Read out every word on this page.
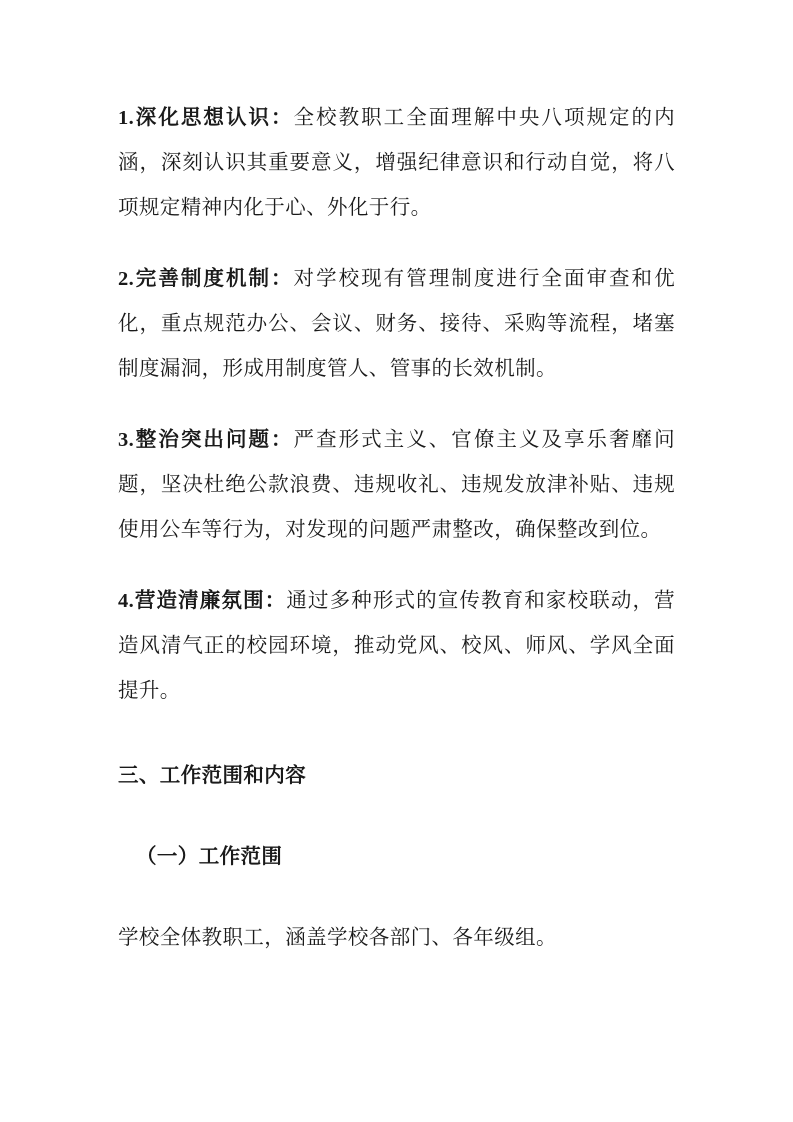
1.深化思想认识：全校教职工全面理解中央八项规定的内涵，深刻认识其重要意义，增强纪律意识和行动自觉，将八项规定精神内化于心、外化于行。

2.完善制度机制：对学校现有管理制度进行全面审查和优化，重点规范办公、会议、财务、接待、采购等流程，堵塞制度漏洞，形成用制度管人、管事的长效机制。

3.整治突出问题：严查形式主义、官僚主义及享乐奢靡问题，坚决杜绝公款浪费、违规收礼、违规发放津补贴、违规使用公车等行为，对发现的问题严肃整改，确保整改到位。

4.营造清廉氛围：通过多种形式的宣传教育和家校联动，营造风清气正的校园环境，推动党风、校风、师风、学风全面提升。

三、工作范围和内容

（一）工作范围

学校全体教职工，涵盖学校各部门、各年级组。
